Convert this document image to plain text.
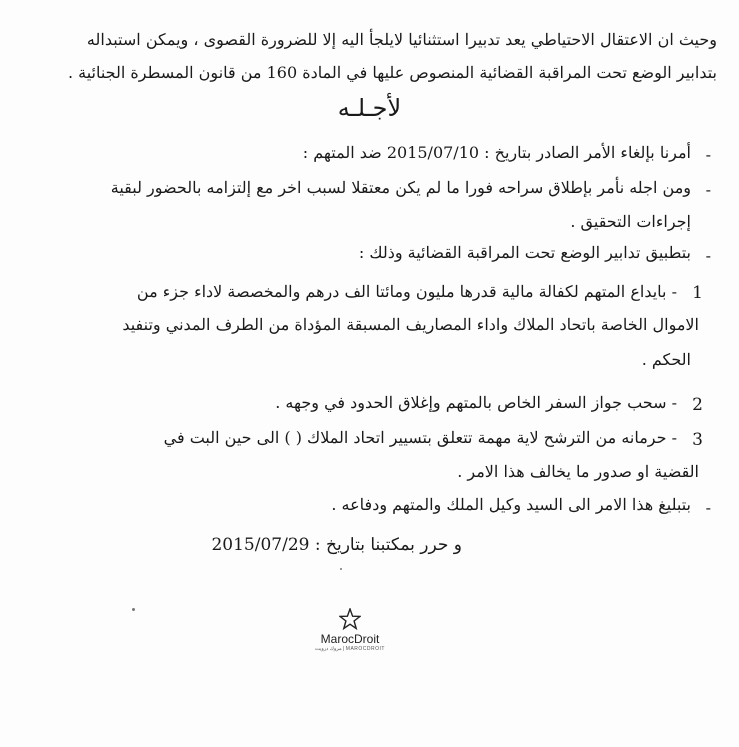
وحيث ان الاعتقال الاحتياطي يعد تدبيرا استثنائيا لايلجأ اليه إلا للضرورة القصوى ، ويمكن استبداله
بتدابير الوضع تحت المراقبة القضائية المنصوص عليها في المادة 160 من قانون المسطرة الجنائية .
لأجـلـه
-
أمرنا بإلغاء الأمر الصادر بتاريخ : 2015/07/10 ضد المتهم :
-
ومن اجله نأمر بإطلاق سراحه فورا ما لم يكن معتقلا لسبب اخر مع إلتزامه بالحضور لبقية
إجراءات التحقيق .
-
بتطبيق تدابير الوضع تحت المراقبة القضائية وذلك :
1
- بايداع المتهم لكفالة مالية قدرها مليون ومائتا الف درهم والمخصصة لاداء جزء من
الاموال الخاصة باتحاد الملاك واداء المصاريف المسبقة المؤداة من الطرف المدني وتنفيد
الحكم .
2
- سحب جواز السفر الخاص بالمتهم وإغلاق الحدود في وجهه .
3
- حرمانه من الترشح لاية مهمة تتعلق بتسيير اتحاد الملاك ( ) الى حين البت في
القضية او صدور ما يخالف هذا الامر .
-
بتبليغ هذا الامر الى السيد وكيل الملك والمتهم ودفاعه .
و حرر بمكتبنا بتاريخ : 2015/07/29
MarocDroit
مروك درويت | MAROCDROIT
